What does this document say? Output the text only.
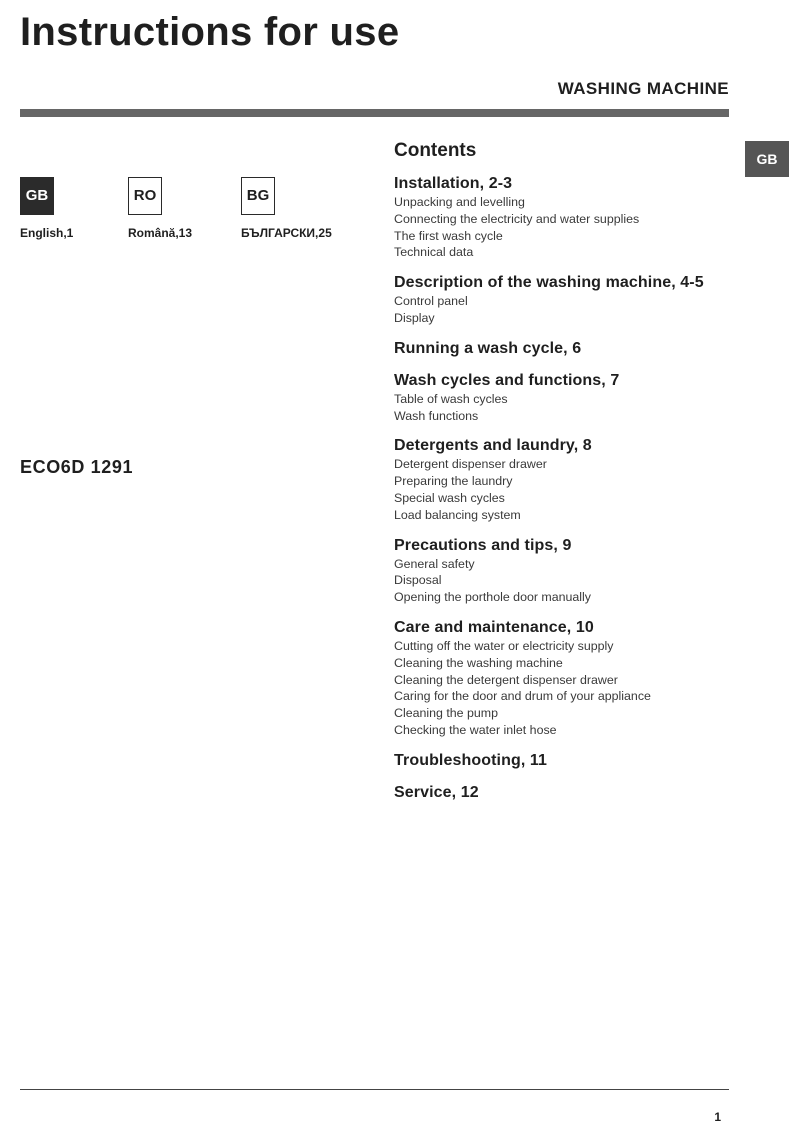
Instructions for use
WASHING MACHINE
GB
GB
English,1
RO
Română,13
BG
БЪЛГАРСКИ,25
ECO6D 1291
Contents
Installation, 2-3
Unpacking and levelling
Connecting the electricity and water supplies
The first wash cycle
Technical data
Description of the washing machine, 4-5
Control panel
Display
Running a wash cycle, 6
Wash cycles and functions, 7
Table of wash cycles
Wash functions
Detergents and laundry, 8
Detergent dispenser drawer
Preparing the laundry
Special wash cycles
Load balancing system
Precautions and tips, 9
General safety
Disposal
Opening the porthole door manually
Care and maintenance, 10
Cutting off the water or electricity supply
Cleaning the washing machine
Cleaning the detergent dispenser drawer
Caring for the door and drum of your appliance
Cleaning the pump
Checking the water inlet hose
Troubleshooting, 11
Service, 12
1
